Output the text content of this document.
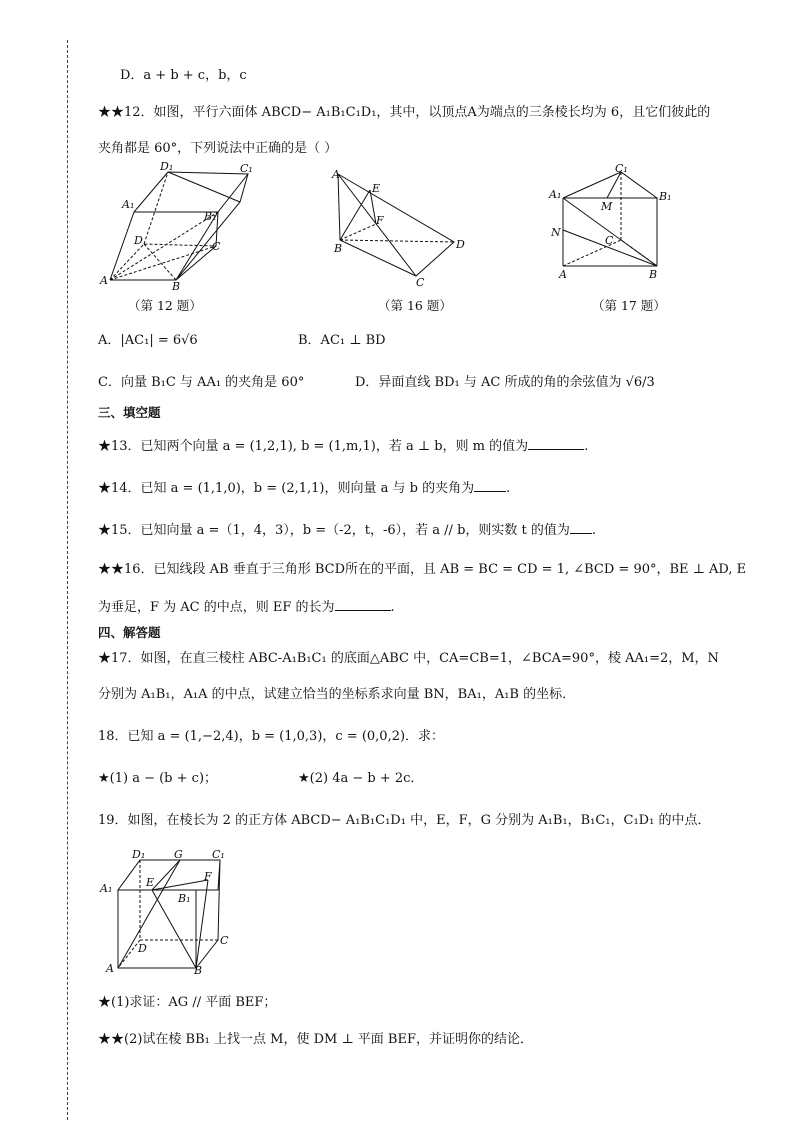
D．a + b + c，b，c
★★12．如图，平行六面体 ABCD− A₁B₁C₁D₁，其中，以顶点A为端点的三条棱长均为 6，且它们彼此的
夹角都是 60°，下列说法中正确的是（ ）
D₁	C₁
A₁
B₁
D	C
A	B
A
E
F
B	D
C
C₁
A₁
M
B₁
N
C
A	B
（第 12 题）	（第 16 题）	（第 17 题）
A．|AC₁| = 6√6	B．AC₁ ⊥ BD
C．向量 B₁C 与 AA₁ 的夹角是 60°	D．异面直线 BD₁ 与 AC 所成的角的余弦值为 √6/3
三、填空题
★13．已知两个向量 a = (1,2,1), b = (1,m,1)，若 a ⊥ b，则 m 的值为	.
★14．已知 a = (1,1,0)，b = (2,1,1)，则向量 a 与 b 的夹角为 .
★15．已知向量 a =（1，4，3），b =（-2，t，-6），若 a // b，则实数 t 的值为 .
★★16．已知线段 AB 垂直于三角形 BCD所在的平面，且 AB = BC = CD = 1, ∠BCD = 90°，BE ⊥ AD, E
为垂足，F 为 AC 的中点，则 EF 的长为	.
四、解答题
★17．如图，在直三棱柱 ABC-A₁B₁C₁ 的底面△ABC 中，CA=CB=1，∠BCA=90°，棱 AA₁=2，M，N
分别为 A₁B₁，A₁A 的中点，试建立恰当的坐标系求向量 BN，BA₁，A₁B 的坐标．
18．已知 a = (1,−2,4)，b = (1,0,3)，c = (0,0,2)．求：
★(1) a − (b + c)；	★(2) 4a − b + 2c．
19．如图，在棱长为 2 的正方体 ABCD− A₁B₁C₁D₁ 中，E，F，G 分别为 A₁B₁，B₁C₁，C₁D₁ 的中点．
D₁	G	C₁
A₁	E	F
B₁
D
C
A	B
★(1)求证：AG // 平面 BEF；
★★(2)试在棱 BB₁ 上找一点 M，使 DM ⊥ 平面 BEF，并证明你的结论．
